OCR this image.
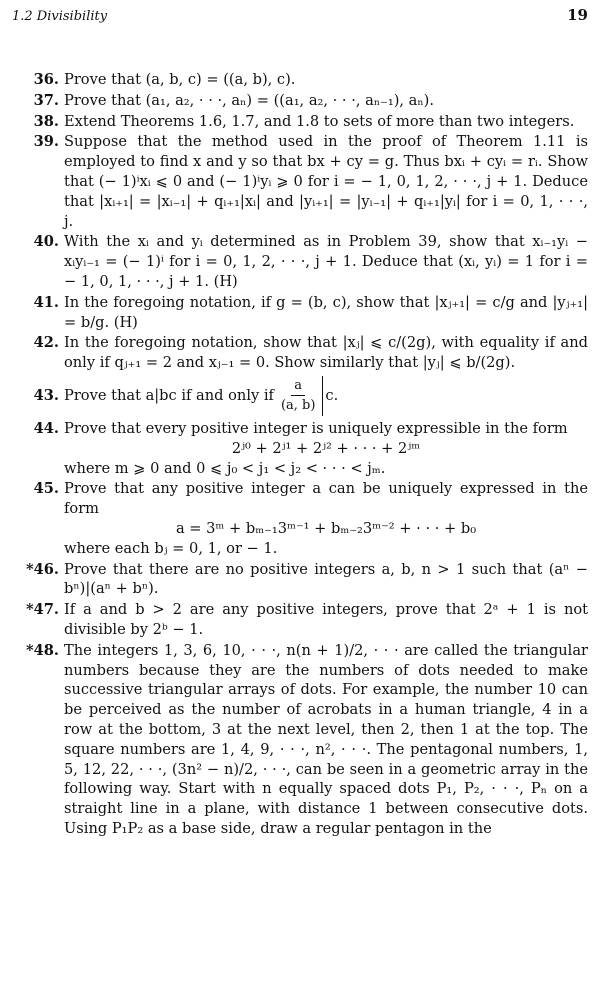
1.2 Divisibility	19
36. Prove that (a, b, c) = ((a, b), c).
37. Prove that (a₁, a₂, · · ·, aₙ) = ((a₁, a₂, · · ·, aₙ₋₁), aₙ).
38. Extend Theorems 1.6, 1.7, and 1.8 to sets of more than two integers.
39. Suppose that the method used in the proof of Theorem 1.11 is employed to find x and y so that bx + cy = g. Thus bxᵢ + cyᵢ = rᵢ. Show that (− 1)ⁱxᵢ ⩽ 0 and (− 1)ⁱyᵢ ⩾ 0 for i = − 1, 0, 1, 2, · · ·, j + 1. Deduce that |xᵢ₊₁| = |xᵢ₋₁| + qᵢ₊₁|xᵢ| and |yᵢ₊₁| = |yᵢ₋₁| + qᵢ₊₁|yᵢ| for i = 0, 1, · · ·, j.
40. With the xᵢ and yᵢ determined as in Problem 39, show that xᵢ₋₁yᵢ − xᵢyᵢ₋₁ = (− 1)ⁱ for i = 0, 1, 2, · · ·, j + 1. Deduce that (xᵢ, yᵢ) = 1 for i = − 1, 0, 1, · · ·, j + 1. (H)
41. In the foregoing notation, if g = (b, c), show that |xⱼ₊₁| = c/g and |yⱼ₊₁| = b/g. (H)
42. In the foregoing notation, show that |xⱼ| ⩽ c/(2g), with equality if and only if qⱼ₊₁ = 2 and xⱼ₋₁ = 0. Show similarly that |yⱼ| ⩽ b/(2g).
43. Prove that a|bc if and only if $\frac{a}{(a, b)} c$.
44. Prove that every positive integer is uniquely expressible in the form

2ʲ⁰ + 2ʲ¹ + 2ʲ² + · · · + 2ʲᵐ

where m ⩾ 0 and 0 ⩽ j₀ < j₁ < j₂ < · · · < jₘ.

45. Prove that any positive integer a can be uniquely expressed in the form

a = 3ᵐ + bₘ₋₁3ᵐ⁻¹ + bₘ₋₂3ᵐ⁻² + · · · + b₀

where each bⱼ = 0, 1, or − 1.

*46. Prove that there are no positive integers a, b, n > 1 such that (aⁿ − bⁿ)|(aⁿ + bⁿ).
*47. If a and b > 2 are any positive integers, prove that 2ᵃ + 1 is not divisible by 2ᵇ − 1.
*48. The integers 1, 3, 6, 10, · · ·, n(n + 1)/2, · · · are called the triangular numbers because they are the numbers of dots needed to make successive triangular arrays of dots. For example, the number 10 can be perceived as the number of acrobats in a human triangle, 4 in a row at the bottom, 3 at the next level, then 2, then 1 at the top. The square numbers are 1, 4, 9, · · ·, n², · · ·. The pentagonal numbers, 1, 5, 12, 22, · · ·, (3n² − n)/2, · · ·, can be seen in a geometric array in the following way. Start with n equally spaced dots P₁, P₂, · · ·, Pₙ on a straight line in a plane, with distance 1 between consecutive dots. Using P₁P₂ as a base side, draw a regular pentagon in the
